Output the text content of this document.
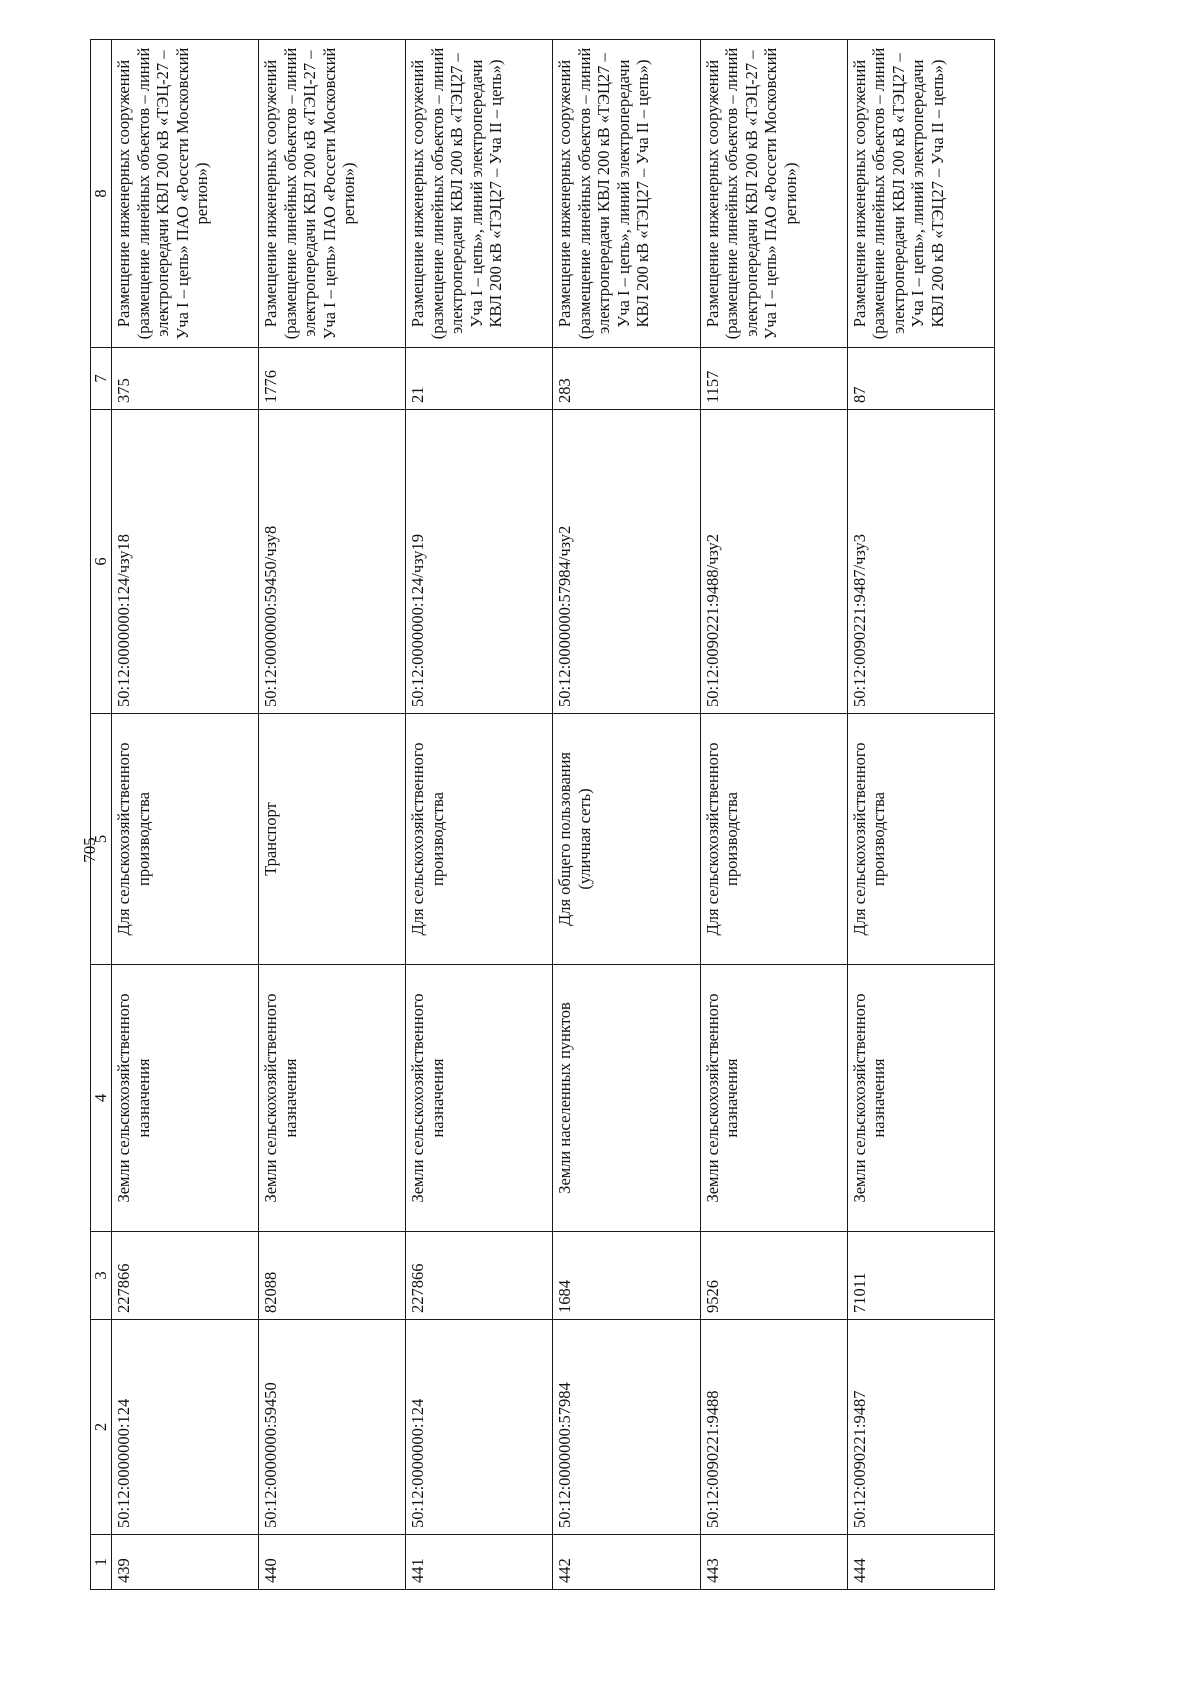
705
1	2	3	4	5	6	7	8
439	50:12:0000000:124	227866	Земли сельскохозяйственного назначения	Для сельскохозяйственного производства	50:12:0000000:124/чзу18	375	Размещение инженерных сооружений (размещение линейных объектов – линий электропередачи КВЛ 200 кВ «ТЭЦ-27 – Уча I – цепь» ПАО «Россети Московский регион»)
440	50:12:0000000:59450	82088	Земли сельскохозяйственного назначения	Транспорт	50:12:0000000:59450/чзу8	1776	Размещение инженерных сооружений (размещение линейных объектов – линий электропередачи КВЛ 200 кВ «ТЭЦ-27 – Уча I – цепь» ПАО «Россети Московский регион»)
441	50:12:0000000:124	227866	Земли сельскохозяйственного назначения	Для сельскохозяйственного производства	50:12:0000000:124/чзу19	21	Размещение инженерных сооружений (размещение линейных объектов – линий электропередачи КВЛ 200 кВ «ТЭЦ27 – Уча I – цепь», линий электропередачи КВЛ 200 кВ «ТЭЦ27 – Уча II – цепь»)
442	50:12:0000000:57984	1684	Земли населенных пунктов	Для общего пользования (уличная сеть)	50:12:0000000:57984/чзу2	283	Размещение инженерных сооружений (размещение линейных объектов – линий электропередачи КВЛ 200 кВ «ТЭЦ27 – Уча I – цепь», линий электропередачи КВЛ 200 кВ «ТЭЦ27 – Уча II – цепь»)
443	50:12:0090221:9488	9526	Земли сельскохозяйственного назначения	Для сельскохозяйственного производства	50:12:0090221:9488/чзу2	1157	Размещение инженерных сооружений (размещение линейных объектов – линий электропередачи КВЛ 200 кВ «ТЭЦ-27 – Уча I – цепь» ПАО «Россети Московский регион»)
444	50:12:0090221:9487	71011	Земли сельскохозяйственного назначения	Для сельскохозяйственного производства	50:12:0090221:9487/чзу3	87	Размещение инженерных сооружений (размещение линейных объектов – линий электропередачи КВЛ 200 кВ «ТЭЦ27 – Уча I – цепь», линий электропередачи КВЛ 200 кВ «ТЭЦ27 – Уча II – цепь»)
